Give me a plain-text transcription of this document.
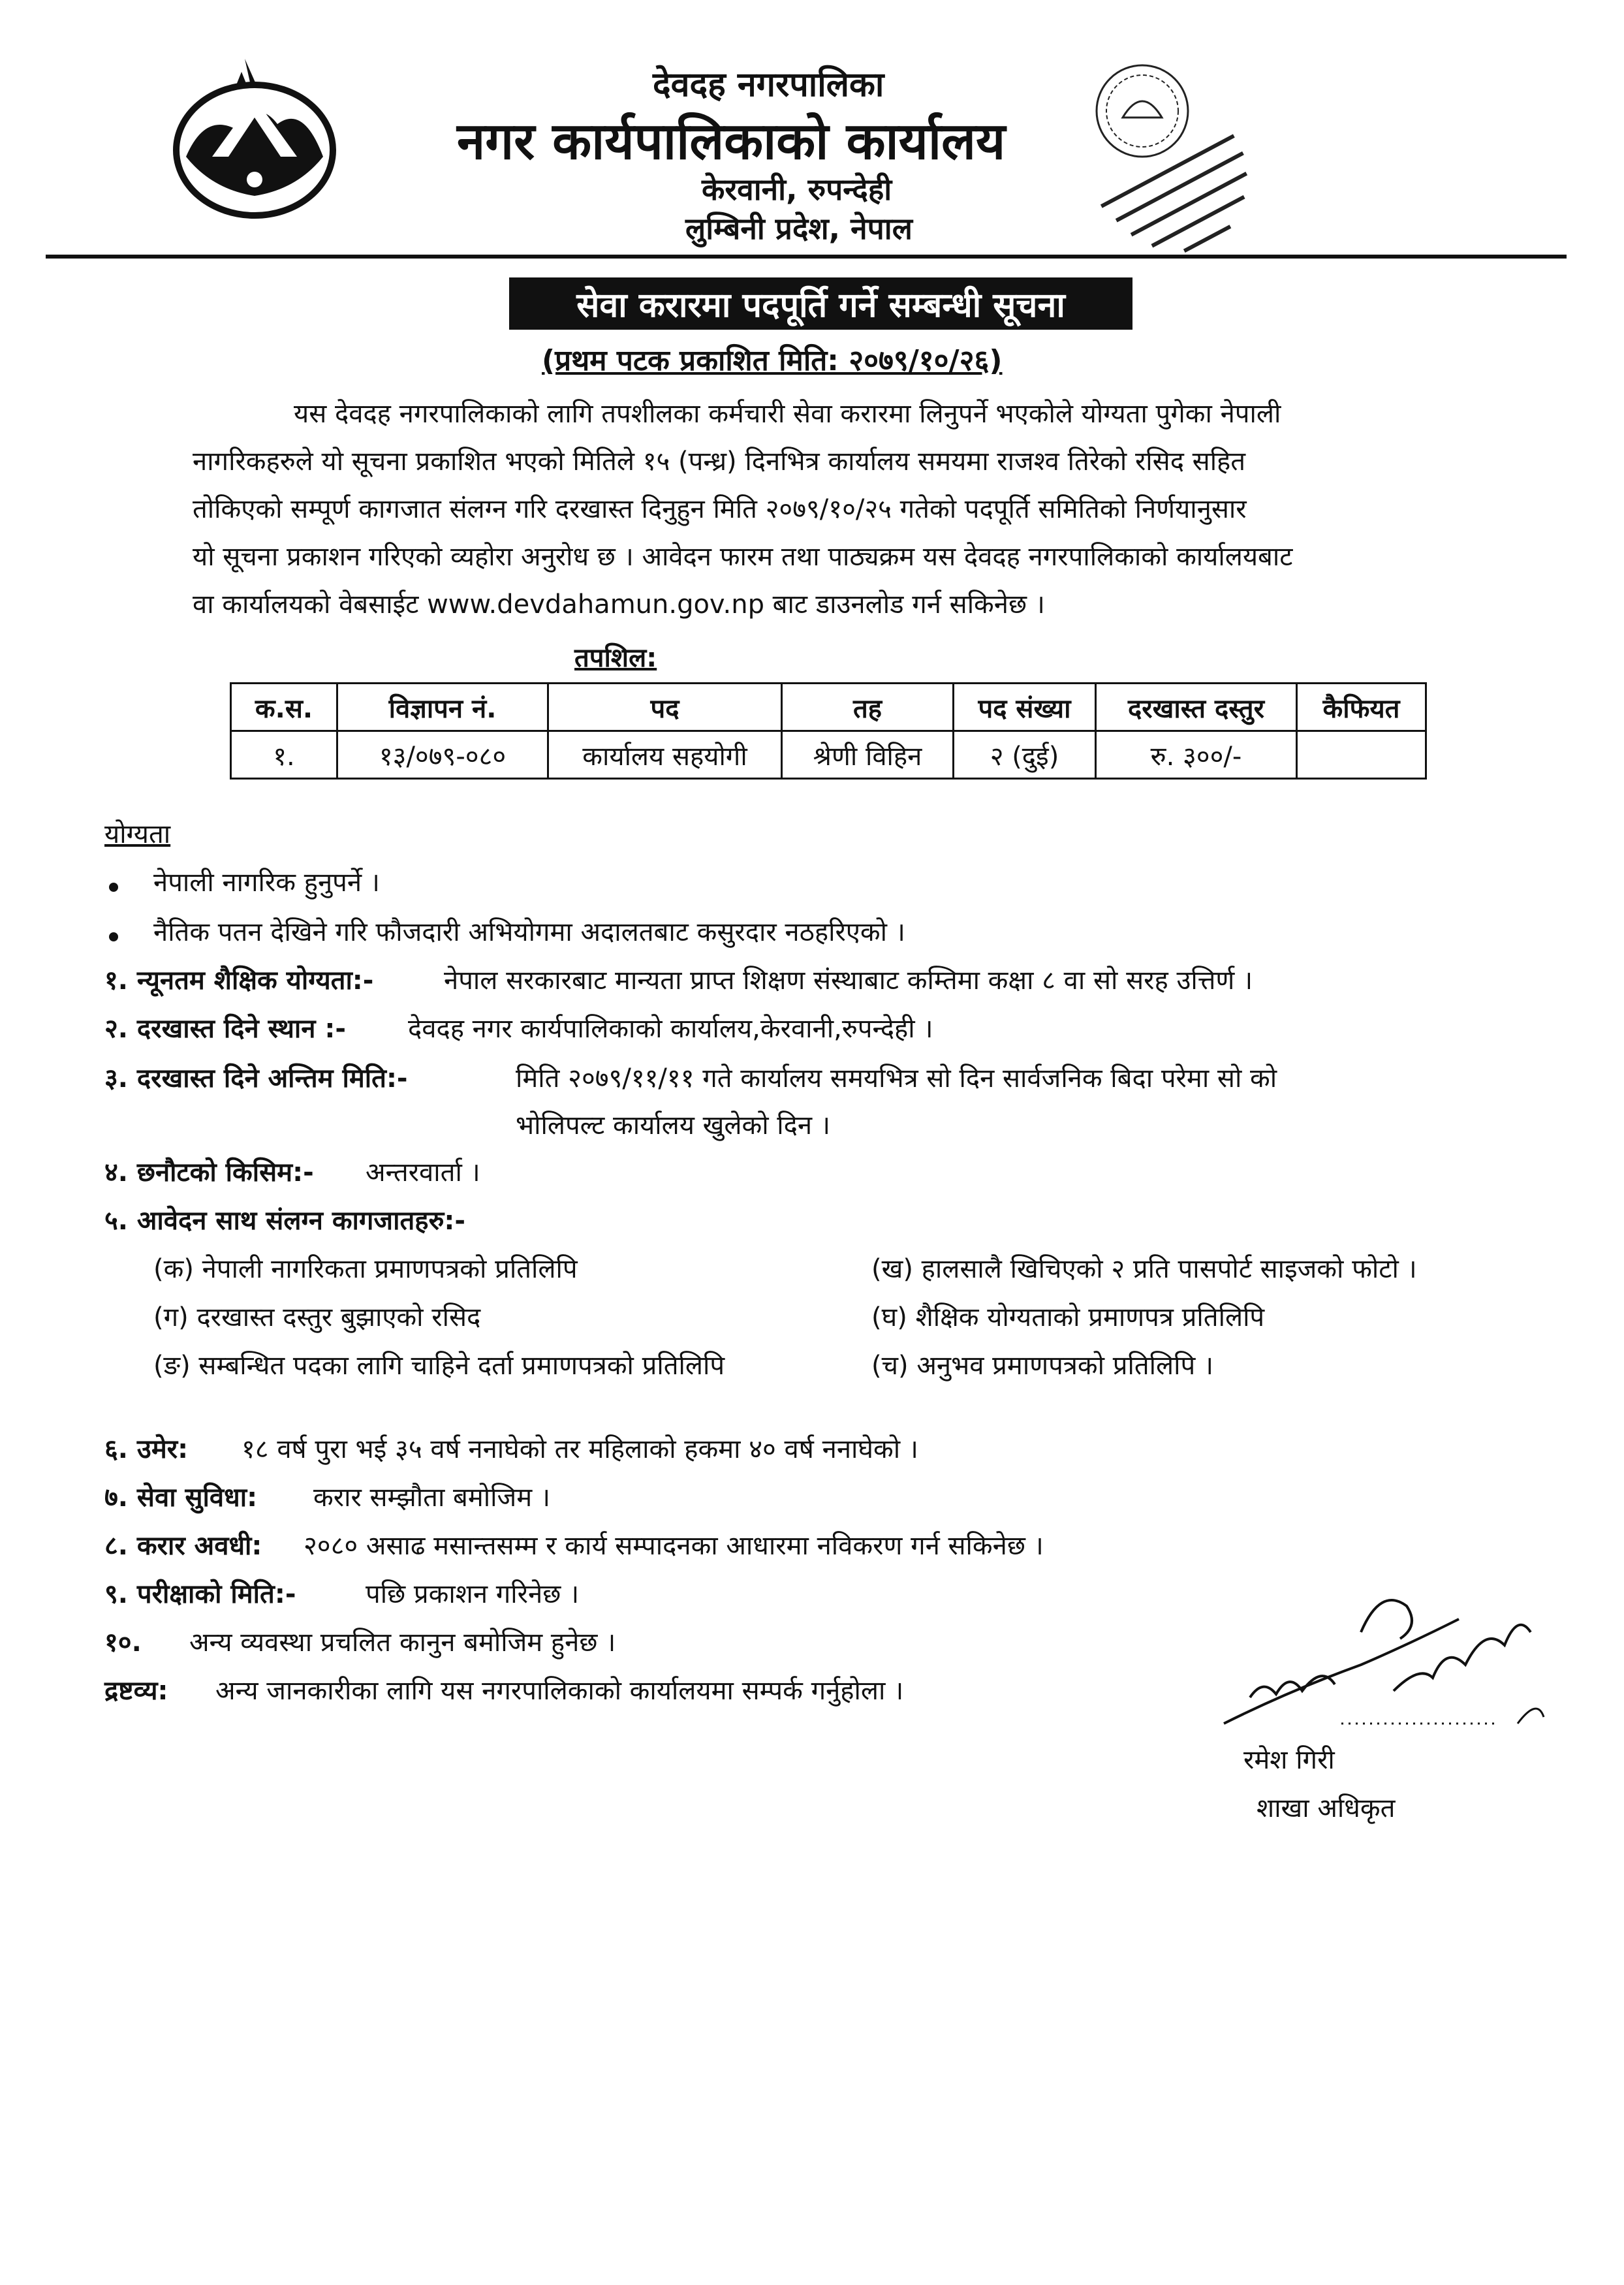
देवदह नगरपालिका
नगर कार्यपालिकाको कार्यालय
केरवानी, रुपन्देही
लुम्बिनी प्रदेश, नेपाल
सेवा करारमा पदपूर्ति गर्ने सम्बन्धी सूचना
(प्रथम पटक प्रकाशित मिति: २०७९/१०/२६)
यस देवदह नगरपालिकाको लागि तपशीलका कर्मचारी सेवा करारमा लिनुपर्ने भएकोले योग्यता पुगेका नेपाली
नागरिकहरुले यो सूचना प्रकाशित भएको मितिले १५ (पन्ध्र) दिनभित्र कार्यालय समयमा राजश्व तिरेको रसिद सहित
तोकिएको सम्पूर्ण कागजात संलग्न गरि दरखास्त दिनुहुन मिति २०७९/१०/२५ गतेको पदपूर्ति समितिको निर्णयानुसार
यो सूचना प्रकाशन गरिएको व्यहोरा अनुरोध छ । आवेदन फारम तथा पाठ्यक्रम यस देवदह नगरपालिकाको कार्यालयबाट
वा कार्यालयको वेबसाईट www.devdahamun.gov.np बाट डाउनलोड गर्न सकिनेछ ।
तपशिल:
क.स.	विज्ञापन नं.	पद	तह	पद संख्या	दरखास्त दस्तुर	कैफियत
१.	१३/०७९-०८०	कार्यालय सहयोगी	श्रेणी विहिन	२ (दुई)	रु. ३००/-	
योग्यता
नेपाली नागरिक हुनुपर्ने ।
नैतिक पतन देखिने गरि फौजदारी अभियोगमा अदालतबाट कसुरदार नठहरिएको ।
१. न्यूनतम शैक्षिक योग्यता:-	नेपाल सरकारबाट मान्यता प्राप्त शिक्षण संस्थाबाट कम्तिमा कक्षा ८ वा सो सरह उत्तिर्ण ।
२. दरखास्त दिने स्थान :- देवदह नगर कार्यपालिकाको कार्यालय,केरवानी,रुपन्देही ।
३. दरखास्त दिने अन्तिम मिति:-	मिति २०७९/११/११ गते कार्यालय समयभित्र सो दिन सार्वजनिक बिदा परेमा सो को
भोलिपल्ट कार्यालय खुलेको दिन ।
४. छनौटको किसिम:- अन्तरवार्ता ।
५. आवेदन साथ संलग्न कागजातहरु:-
(क) नेपाली नागरिकता प्रमाणपत्रको प्रतिलिपि	(ख) हालसालै खिचिएको २ प्रति पासपोर्ट साइजको फोटो ।
(ग) दरखास्त दस्तुर बुझाएको रसिद	(घ) शैक्षिक योग्यताको प्रमाणपत्र प्रतिलिपि
(ङ) सम्बन्धित पदका लागि चाहिने दर्ता प्रमाणपत्रको प्रतिलिपि	(च) अनुभव प्रमाणपत्रको प्रतिलिपि ।
६. उमेर: १८ वर्ष पुरा भई ३५ वर्ष ननाघेको तर महिलाको हकमा ४० वर्ष ननाघेको ।
७. सेवा सुविधा: करार सम्झौता बमोजिम ।
८. करार अवधी: २०८० असाढ मसान्तसम्म र कार्य सम्पादनका आधारमा नविकरण गर्न सकिनेछ ।
९. परीक्षाको मिति:-	पछि प्रकाशन गरिनेछ ।
१०. अन्य व्यवस्था प्रचलित कानुन बमोजिम हुनेछ ।
द्रष्टव्य: अन्य जानकारीका लागि यस नगरपालिकाको कार्यालयमा सम्पर्क गर्नुहोला ।
रमेश गिरी
शाखा अधिकृत
